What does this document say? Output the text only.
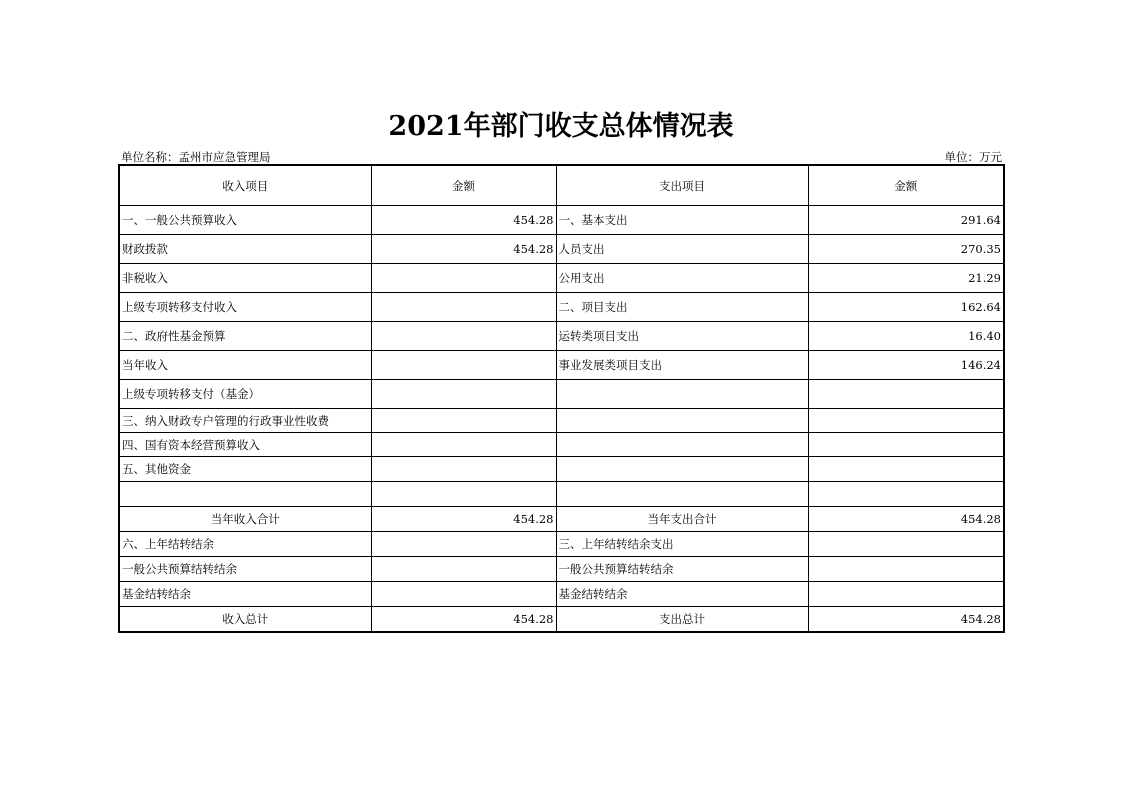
2021年部门收支总体情况表
单位名称：孟州市应急管理局	单位：万元
收入项目	金额	支出项目	金额
一、一般公共预算收入	454.28	一、基本支出	291.64
财政拨款	454.28	人员支出	270.35
非税收入		公用支出	21.29
上级专项转移支付收入		二、项目支出	162.64
二、政府性基金预算		运转类项目支出	16.40
当年收入		事业发展类项目支出	146.24
上级专项转移支付（基金）			
三、纳入财政专户管理的行政事业性收费			
四、国有资本经营预算收入			
五、其他资金			

当年收入合计	454.28	当年支出合计	454.28
六、上年结转结余		三、上年结转结余支出	
一般公共预算结转结余		一般公共预算结转结余	
基金结转结余		基金结转结余	
收入总计	454.28	支出总计	454.28
